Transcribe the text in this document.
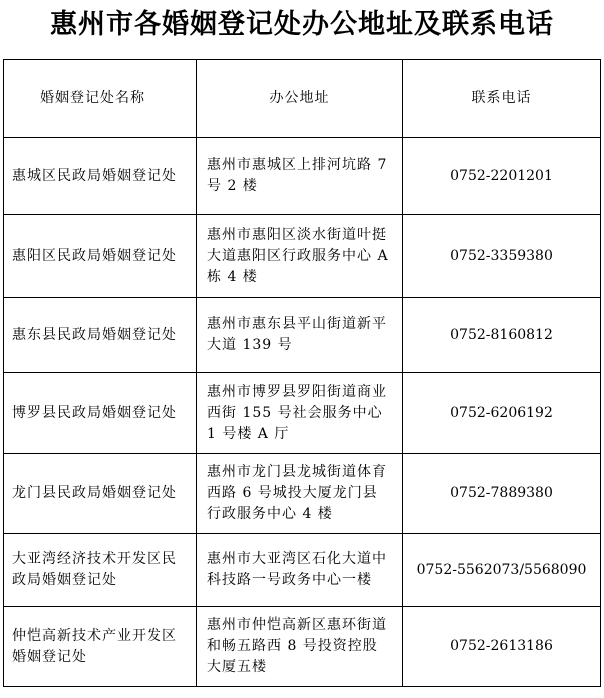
惠州市各婚姻登记处办公地址及联系电话
婚姻登记处名称	办公地址	联系电话
惠城区民政局婚姻登记处	惠州市惠城区上排河坑路 7 号 2 楼	0752-2201201
惠阳区民政局婚姻登记处	惠州市惠阳区淡水街道叶挺大道惠阳区行政服务中心 A 栋 4 楼	0752-3359380
惠东县民政局婚姻登记处	惠州市惠东县平山街道新平大道 139 号	0752-8160812
博罗县民政局婚姻登记处	惠州市博罗县罗阳街道商业西街 155 号社会服务中心 1 号楼 A 厅	0752-6206192
龙门县民政局婚姻登记处	惠州市龙门县龙城街道体育西路 6 号城投大厦龙门县行政服务中心 4 楼	0752-7889380
大亚湾经济技术开发区民政局婚姻登记处	惠州市大亚湾区石化大道中科技路一号政务中心一楼	0752-5562073/5568090
仲恺高新技术产业开发区婚姻登记处	惠州市仲恺高新区惠环街道和畅五路西 8 号投资控股大厦五楼	0752-2613186
